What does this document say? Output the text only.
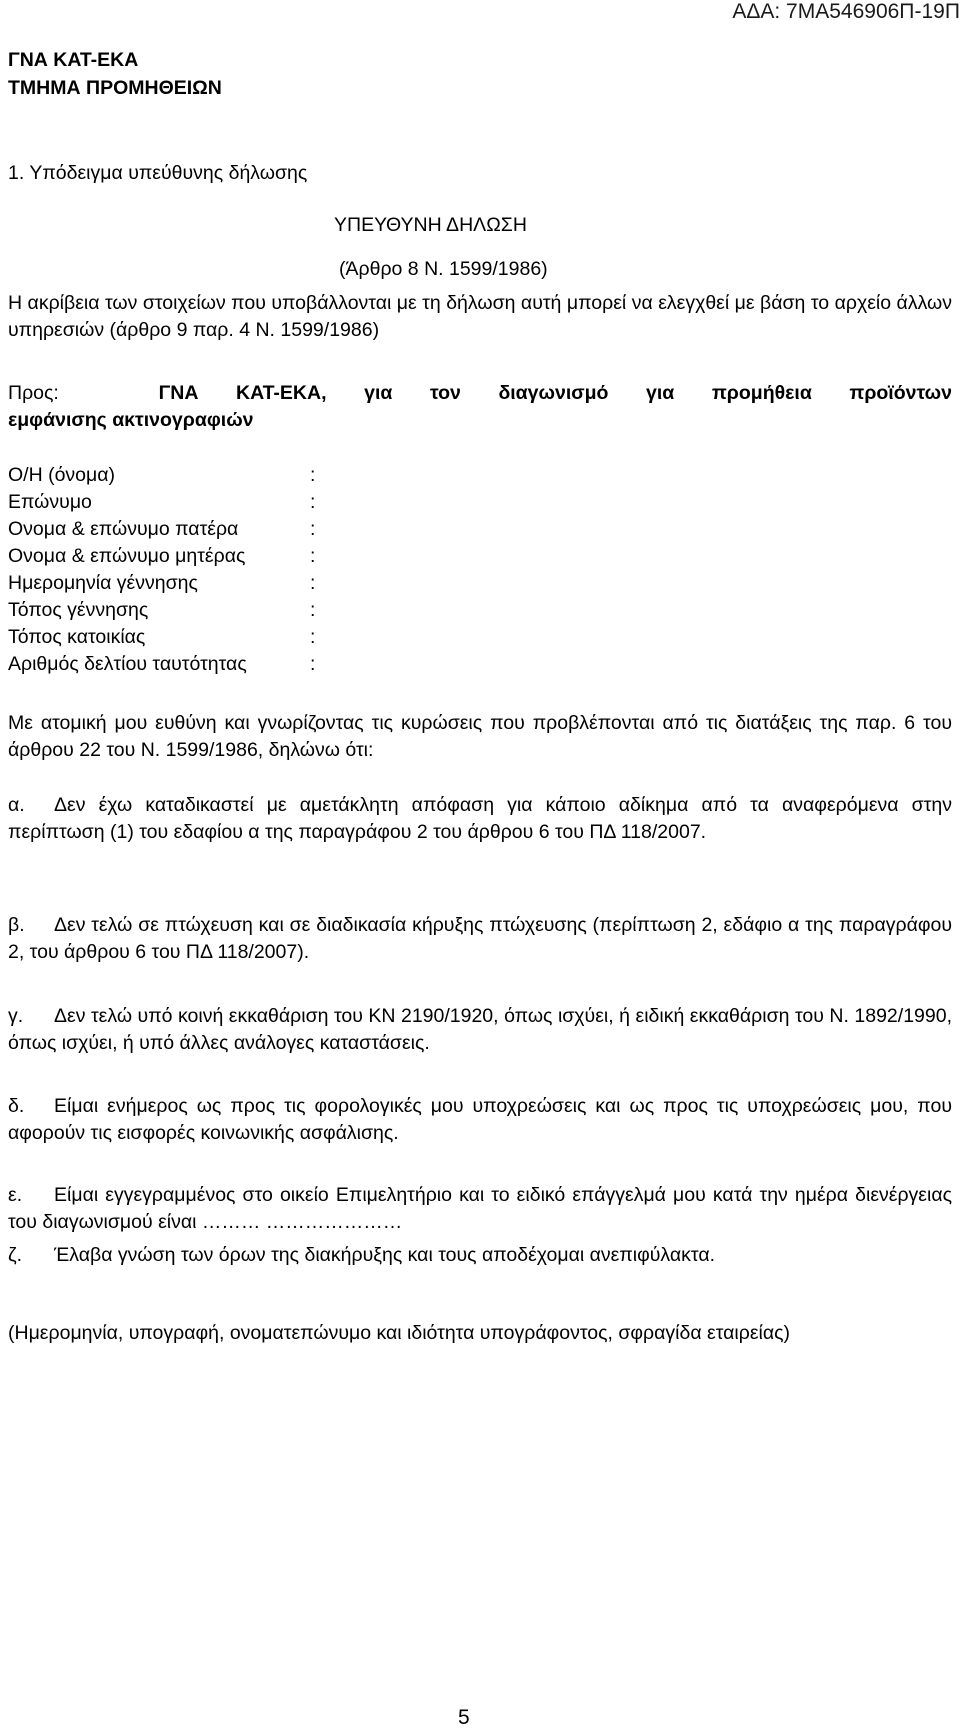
ΑΔΑ: 7ΜΑ546906Π-19Π
ΓΝΑ ΚΑΤ-ΕΚΑ
ΤΜΗΜΑ ΠΡΟΜΗΘΕΙΩΝ
1. Υπόδειγμα υπεύθυνης δήλωσης
ΥΠΕΥΘΥΝΗ ΔΗΛΩΣΗ
(Άρθρο 8 Ν. 1599/1986)
Η ακρίβεια των στοιχείων που υποβάλλονται με τη δήλωση αυτή μπορεί να ελεγχθεί με βάση το αρχείο άλλων υπηρεσιών (άρθρο 9 παρ. 4 Ν. 1599/1986)
Προς:	ΓΝΑ ΚΑΤ-ΕΚΑ, για τον διαγωνισμό για προμήθεια προϊόντων
εμφάνισης ακτινογραφιών
Ο/Η (όνομα)	:
Επώνυμο	:
Ονομα & επώνυμο πατέρα	:
Ονομα & επώνυμο μητέρας	:
Ημερομηνία γέννησης	:
Τόπος γέννησης	:
Τόπος κατοικίας	:
Αριθμός δελτίου ταυτότητας	:
Με ατομική μου ευθύνη και γνωρίζοντας τις κυρώσεις που προβλέπονται από τις διατάξεις της παρ. 6 του άρθρου 22 του Ν. 1599/1986, δηλώνω ότι:
α. Δεν έχω καταδικαστεί με αμετάκλητη απόφαση για κάποιο αδίκημα από τα αναφερόμενα στην περίπτωση (1) του εδαφίου α της παραγράφου 2 του άρθρου 6 του ΠΔ 118/2007.
β. Δεν τελώ σε πτώχευση και σε διαδικασία κήρυξης πτώχευσης (περίπτωση 2, εδάφιο α της παραγράφου 2, του άρθρου 6 του ΠΔ 118/2007).
γ. Δεν τελώ υπό κοινή εκκαθάριση του ΚΝ 2190/1920, όπως ισχύει, ή ειδική εκκαθάριση του Ν. 1892/1990, όπως ισχύει, ή υπό άλλες ανάλογες καταστάσεις.
δ. Είμαι ενήμερος ως προς τις φορολογικές μου υποχρεώσεις και ως προς τις υποχρεώσεις μου, που αφορούν τις εισφορές κοινωνικής ασφάλισης.
ε. Είμαι εγγεγραμμένος στο οικείο Επιμελητήριο και το ειδικό επάγγελμά μου κατά την ημέρα διενέργειας του διαγωνισμού είναι ……… …………………
ζ. Έλαβα γνώση των όρων της διακήρυξης και τους αποδέχομαι ανεπιφύλακτα.
(Ημερομηνία, υπογραφή, ονοματεπώνυμο και ιδιότητα υπογράφοντος, σφραγίδα εταιρείας)
5
